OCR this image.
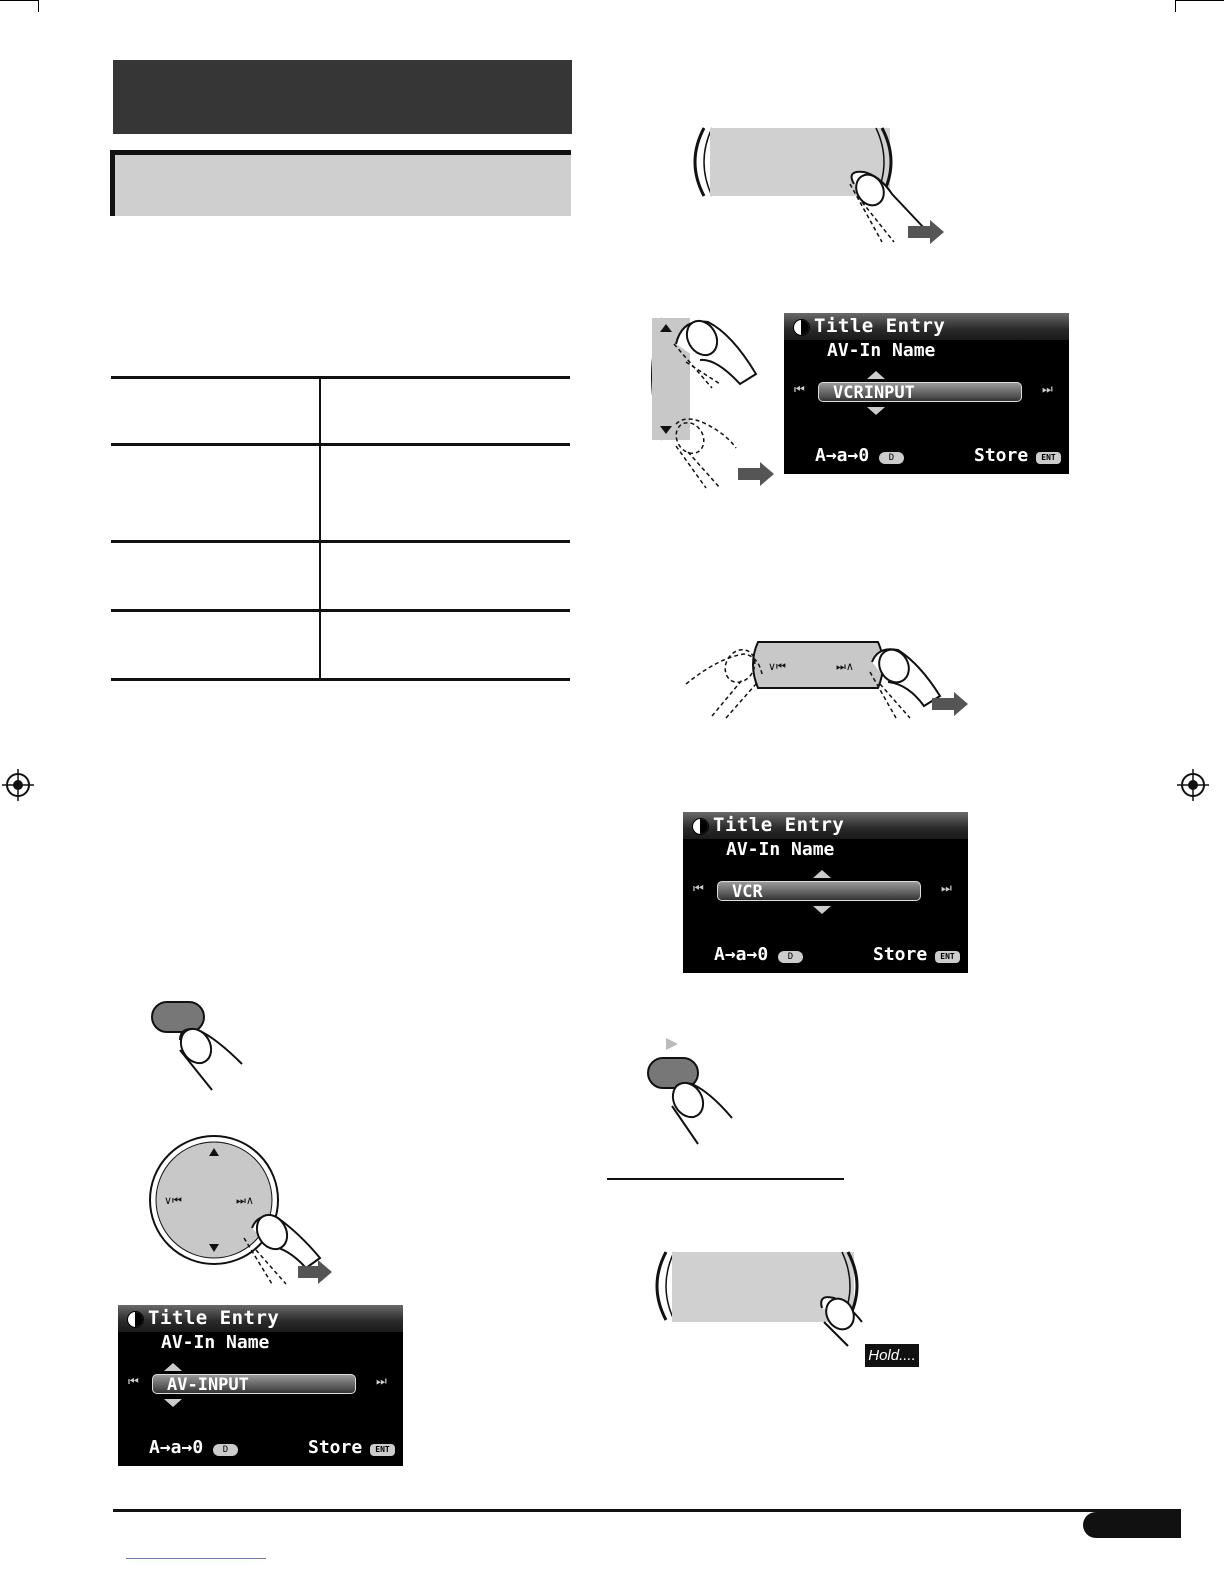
∨⏮	⏭∧
∨⏮	⏭∧
Title Entry
AV-In Name
⏮	AV-INPUT	⏭
A→a→0	D	Store	ENT
Title Entry
AV-In Name
⏮	VCRINPUT	⏭
A→a→0	D	Store	ENT
Title Entry
AV-In Name
⏮	VCR	⏭
A→a→0	D	Store	ENT
Hold....
